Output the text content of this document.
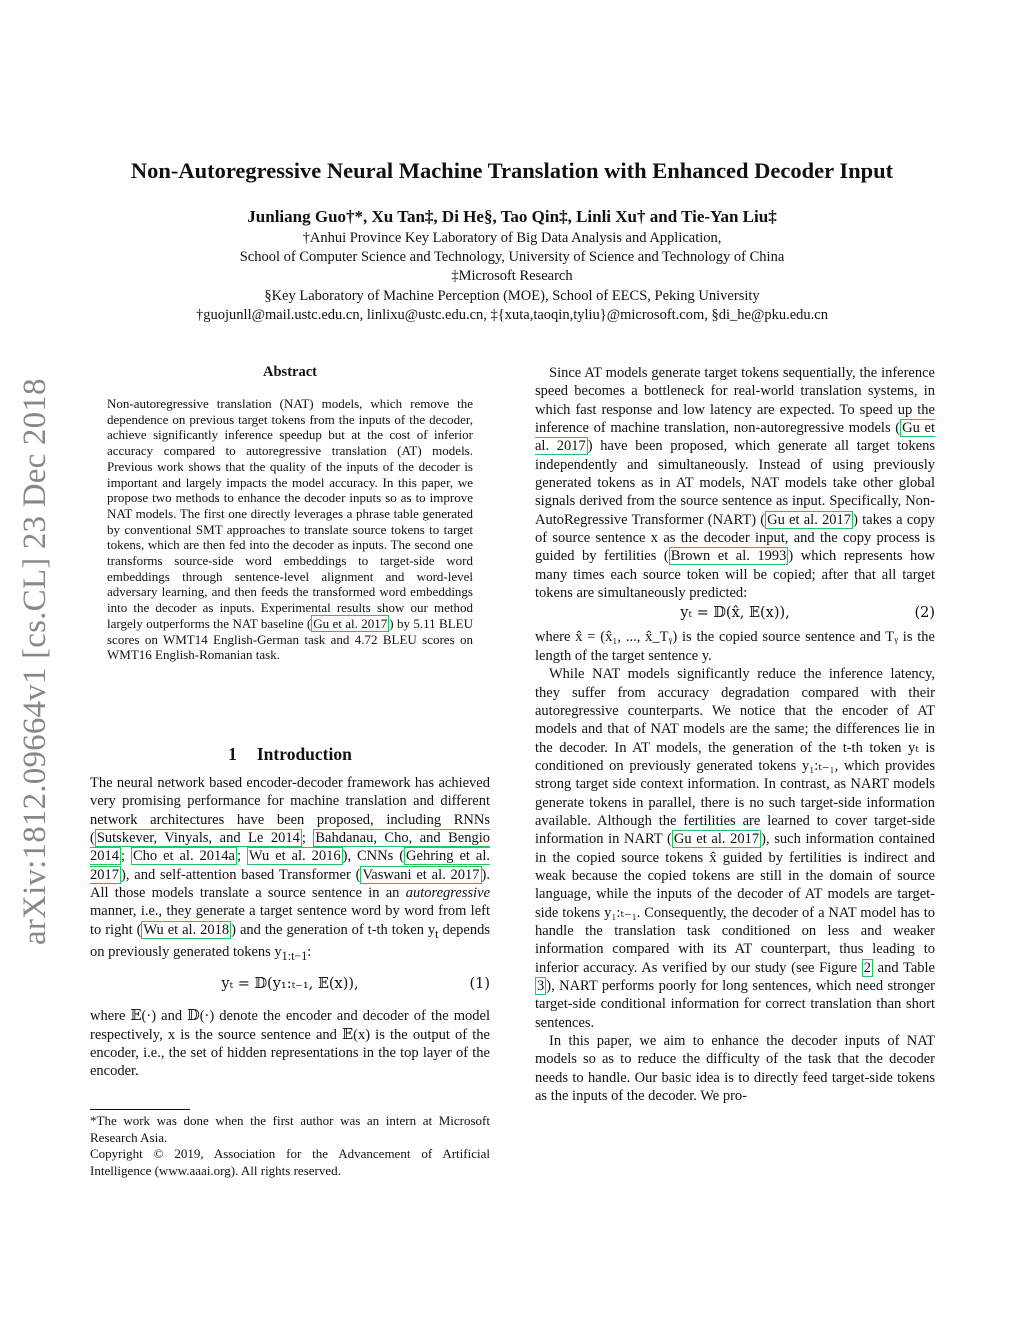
arXiv:1812.09664v1 [cs.CL] 23 Dec 2018
Non-Autoregressive Neural Machine Translation with Enhanced Decoder Input
Junliang Guo†*, Xu Tan‡, Di He§, Tao Qin‡, Linli Xu† and Tie-Yan Liu‡
†Anhui Province Key Laboratory of Big Data Analysis and Application,
School of Computer Science and Technology, University of Science and Technology of China
‡Microsoft Research
§Key Laboratory of Machine Perception (MOE), School of EECS, Peking University
†guojunll@mail.ustc.edu.cn, linlixu@ustc.edu.cn, ‡{xuta,taoqin,tyliu}@microsoft.com, §di_he@pku.edu.cn
Abstract
Non-autoregressive translation (NAT) models, which remove the dependence on previous target tokens from the inputs of the decoder, achieve significantly inference speedup but at the cost of inferior accuracy compared to autoregressive translation (AT) models. Previous work shows that the quality of the inputs of the decoder is important and largely impacts the model accuracy. In this paper, we propose two methods to enhance the decoder inputs so as to improve NAT models. The first one directly leverages a phrase table generated by conventional SMT approaches to translate source tokens to target tokens, which are then fed into the decoder as inputs. The second one transforms source-side word embeddings to target-side word embeddings through sentence-level alignment and word-level adversary learning, and then feeds the transformed word embeddings into the decoder as inputs. Experimental results show our method largely outperforms the NAT baseline ( Gu et al. 2017 ) by 5.11 BLEU scores on WMT14 English-German task and 4.72 BLEU scores on WMT16 English-Romanian task.
1 Introduction

The neural network based encoder-decoder framework has achieved very promising performance for machine translation and different network architectures have been proposed, including RNNs ( Sutskever, Vinyals, and Le 2014 ; Bahdanau, Cho, and Bengio 2014 ; Cho et al. 2014a ; Wu et al. 2016 ), CNNs ( Gehring et al. 2017 ), and self-attention based Transformer ( Vaswani et al. 2017 ). All those models translate a source sentence in an autoregressive manner, i.e., they generate a target sentence word by word from left to right ( Wu et al. 2018 ) and the generation of t-th token $y_t$ depends on previously generated tokens $y_{1:t-1}$:

yₜ = 𝔻(y₁:ₜ₋₁, 𝔼(x)),	(1)

where 𝔼(·) and 𝔻(·) denote the encoder and decoder of the model respectively, x is the source sentence and 𝔼(x) is the output of the encoder, i.e., the set of hidden representations in the top layer of the encoder.

*The work was done when the first author was an intern at Microsoft Research Asia.
Copyright © 2019, Association for the Advancement of Artificial Intelligence (www.aaai.org). All rights reserved.

Since AT models generate target tokens sequentially, the inference speed becomes a bottleneck for real-world translation systems, in which fast response and low latency are expected. To speed up the inference of machine translation, non-autoregressive models ( Gu et al. 2017 ) have been proposed, which generate all target tokens independently and simultaneously. Instead of using previously generated tokens as in AT models, NAT models take other global signals derived from the source sentence as input. Specifically, Non-AutoRegressive Transformer (NART) ( Gu et al. 2017 ) takes a copy of source sentence x as the decoder input, and the copy process is guided by fertilities ( Brown et al. 1993 ) which represents how many times each source token will be copied; after that all target tokens are simultaneously predicted:

yₜ = 𝔻(x̂, 𝔼(x)),	(2)

where x̂ = (x̂₁, ..., x̂_Tᵧ) is the copied source sentence and Tᵧ is the length of the target sentence y.

While NAT models significantly reduce the inference latency, they suffer from accuracy degradation compared with their autoregressive counterparts. We notice that the encoder of AT models and that of NAT models are the same; the differences lie in the decoder. In AT models, the generation of the t-th token yₜ is conditioned on previously generated tokens y₁:ₜ₋₁, which provides strong target side context information. In contrast, as NART models generate tokens in parallel, there is no such target-side information available. Although the fertilities are learned to cover target-side information in NART ( Gu et al. 2017 ), such information contained in the copied source tokens x̂ guided by fertilities is indirect and weak because the copied tokens are still in the domain of source language, while the inputs of the decoder of AT models are target-side tokens y₁:ₜ₋₁. Consequently, the decoder of a NAT model has to handle the translation task conditioned on less and weaker information compared with its AT counterpart, thus leading to inferior accuracy. As verified by our study (see Figure 2 and Table 3 ), NART performs poorly for long sentences, which need stronger target-side conditional information for correct translation than short sentences.

In this paper, we aim to enhance the decoder inputs of NAT models so as to reduce the difficulty of the task that the decoder needs to handle. Our basic idea is to directly feed target-side tokens as the inputs of the decoder. We pro-
